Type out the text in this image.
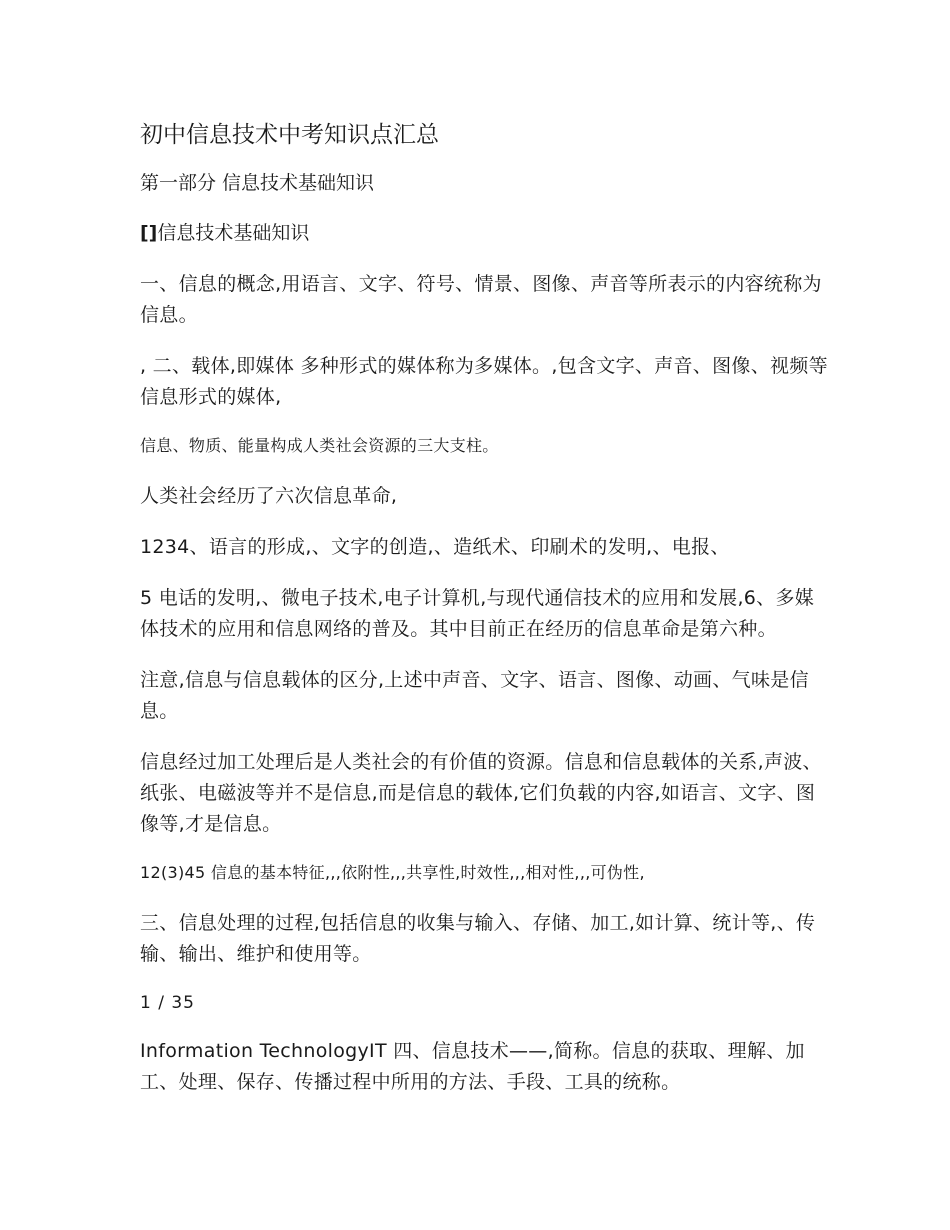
初中信息技术中考知识点汇总
第一部分 信息技术基础知识
[]信息技术基础知识

一、信息的概念,用语言、文字、符号、情景、图像、声音等所表示的内容统称为信息。

, 二、载体,即媒体 多种形式的媒体称为多媒体。,包含文字、声音、图像、视频等信息形式的媒体,

信息、物质、能量构成人类社会资源的三大支柱。

人类社会经历了六次信息革命,

1234、语言的形成,、文字的创造,、造纸术、印刷术的发明,、电报、

5 电话的发明,、微电子技术,电子计算机,与现代通信技术的应用和发展,6、多媒体技术的应用和信息网络的普及。其中目前正在经历的信息革命是第六种。

注意,信息与信息载体的区分,上述中声音、文字、语言、图像、动画、气味是信息。

信息经过加工处理后是人类社会的有价值的资源。信息和信息载体的关系,声波、纸张、电磁波等并不是信息,而是信息的载体,它们负载的内容,如语言、文字、图像等,才是信息。

12(3)45 信息的基本特征,,,依附性,,,共享性,时效性,,,相对性,,,可伪性,

三、信息处理的过程,包括信息的收集与输入、存储、加工,如计算、统计等,、传输、输出、维护和使用等。

1 / 35

Information TechnologyIT 四、信息技术——,简称。信息的获取、理解、加工、处理、保存、传播过程中所用的方法、手段、工具的统称。
